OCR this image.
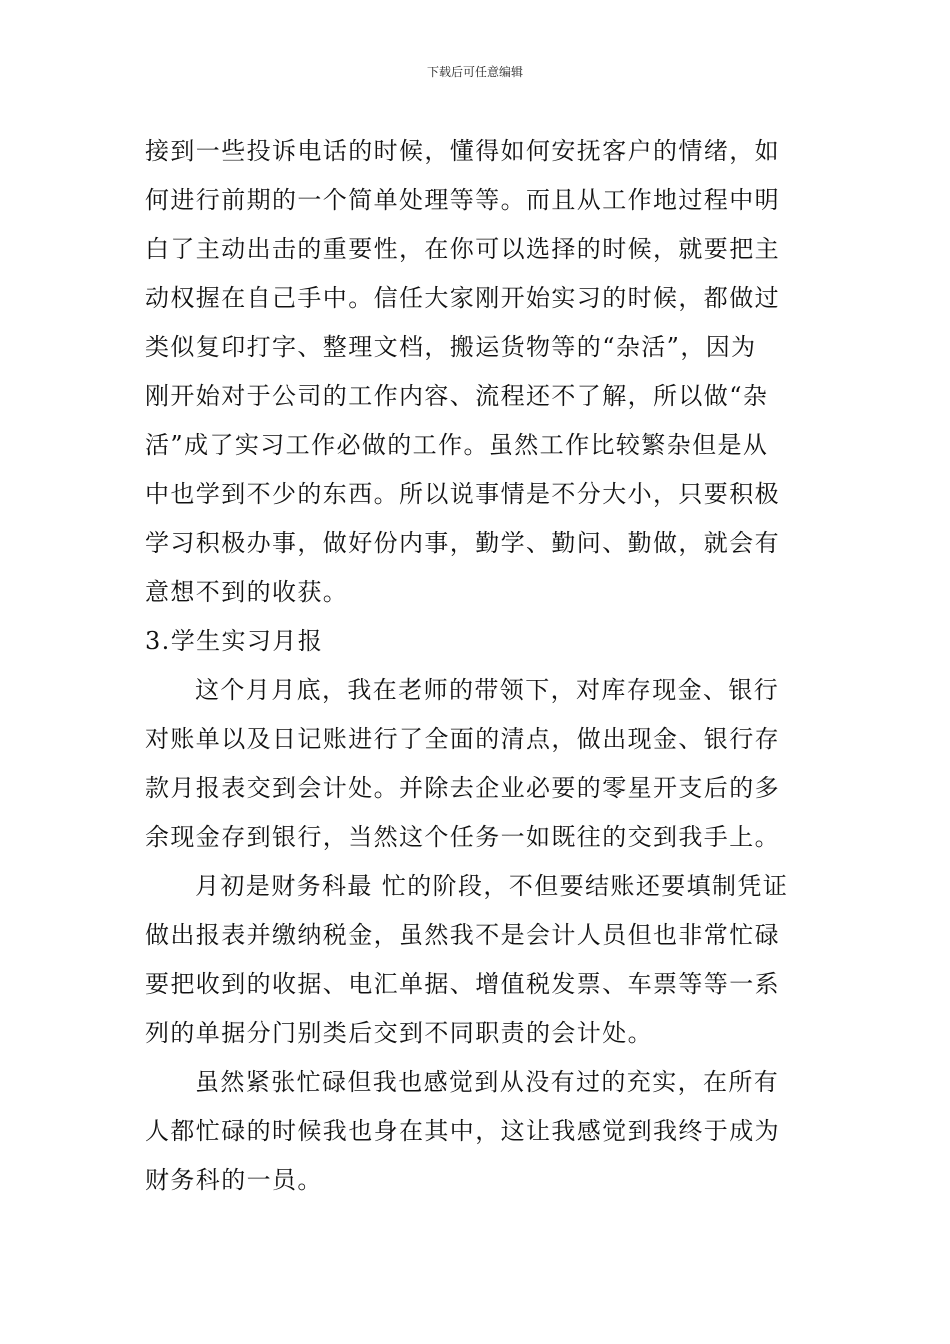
下载后可任意编辑
接到一些投诉电话的时候，懂得如何安抚客户的情绪，如
何进行前期的一个简单处理等等。而且从工作地过程中明
白了主动出击的重要性，在你可以选择的时候，就要把主
动权握在自己手中。信任大家刚开始实习的时候，都做过
类似复印打字、整理文档，搬运货物等的“杂活”，因为
刚开始对于公司的工作内容、流程还不了解，所以做“杂
活”成了实习工作必做的工作。虽然工作比较繁杂但是从
中也学到不少的东西。所以说事情是不分大小，只要积极
学习积极办事，做好份内事，勤学、勤问、勤做，就会有
意想不到的收获。
3.学生实习月报
这个月月底，我在老师的带领下，对库存现金、银行
对账单以及日记账进行了全面的清点，做出现金、银行存
款月报表交到会计处。并除去企业必要的零星开支后的多
余现金存到银行，当然这个任务一如既往的交到我手上。
月初是财务科最 忙的阶段，不但要结账还要填制凭证
做出报表并缴纳税金，虽然我不是会计人员但也非常忙碌
要把收到的收据、电汇单据、增值税发票、车票等等一系
列的单据分门别类后交到不同职责的会计处。
虽然紧张忙碌但我也感觉到从没有过的充实，在所有
人都忙碌的时候我也身在其中，这让我感觉到我终于成为
财务科的一员。
